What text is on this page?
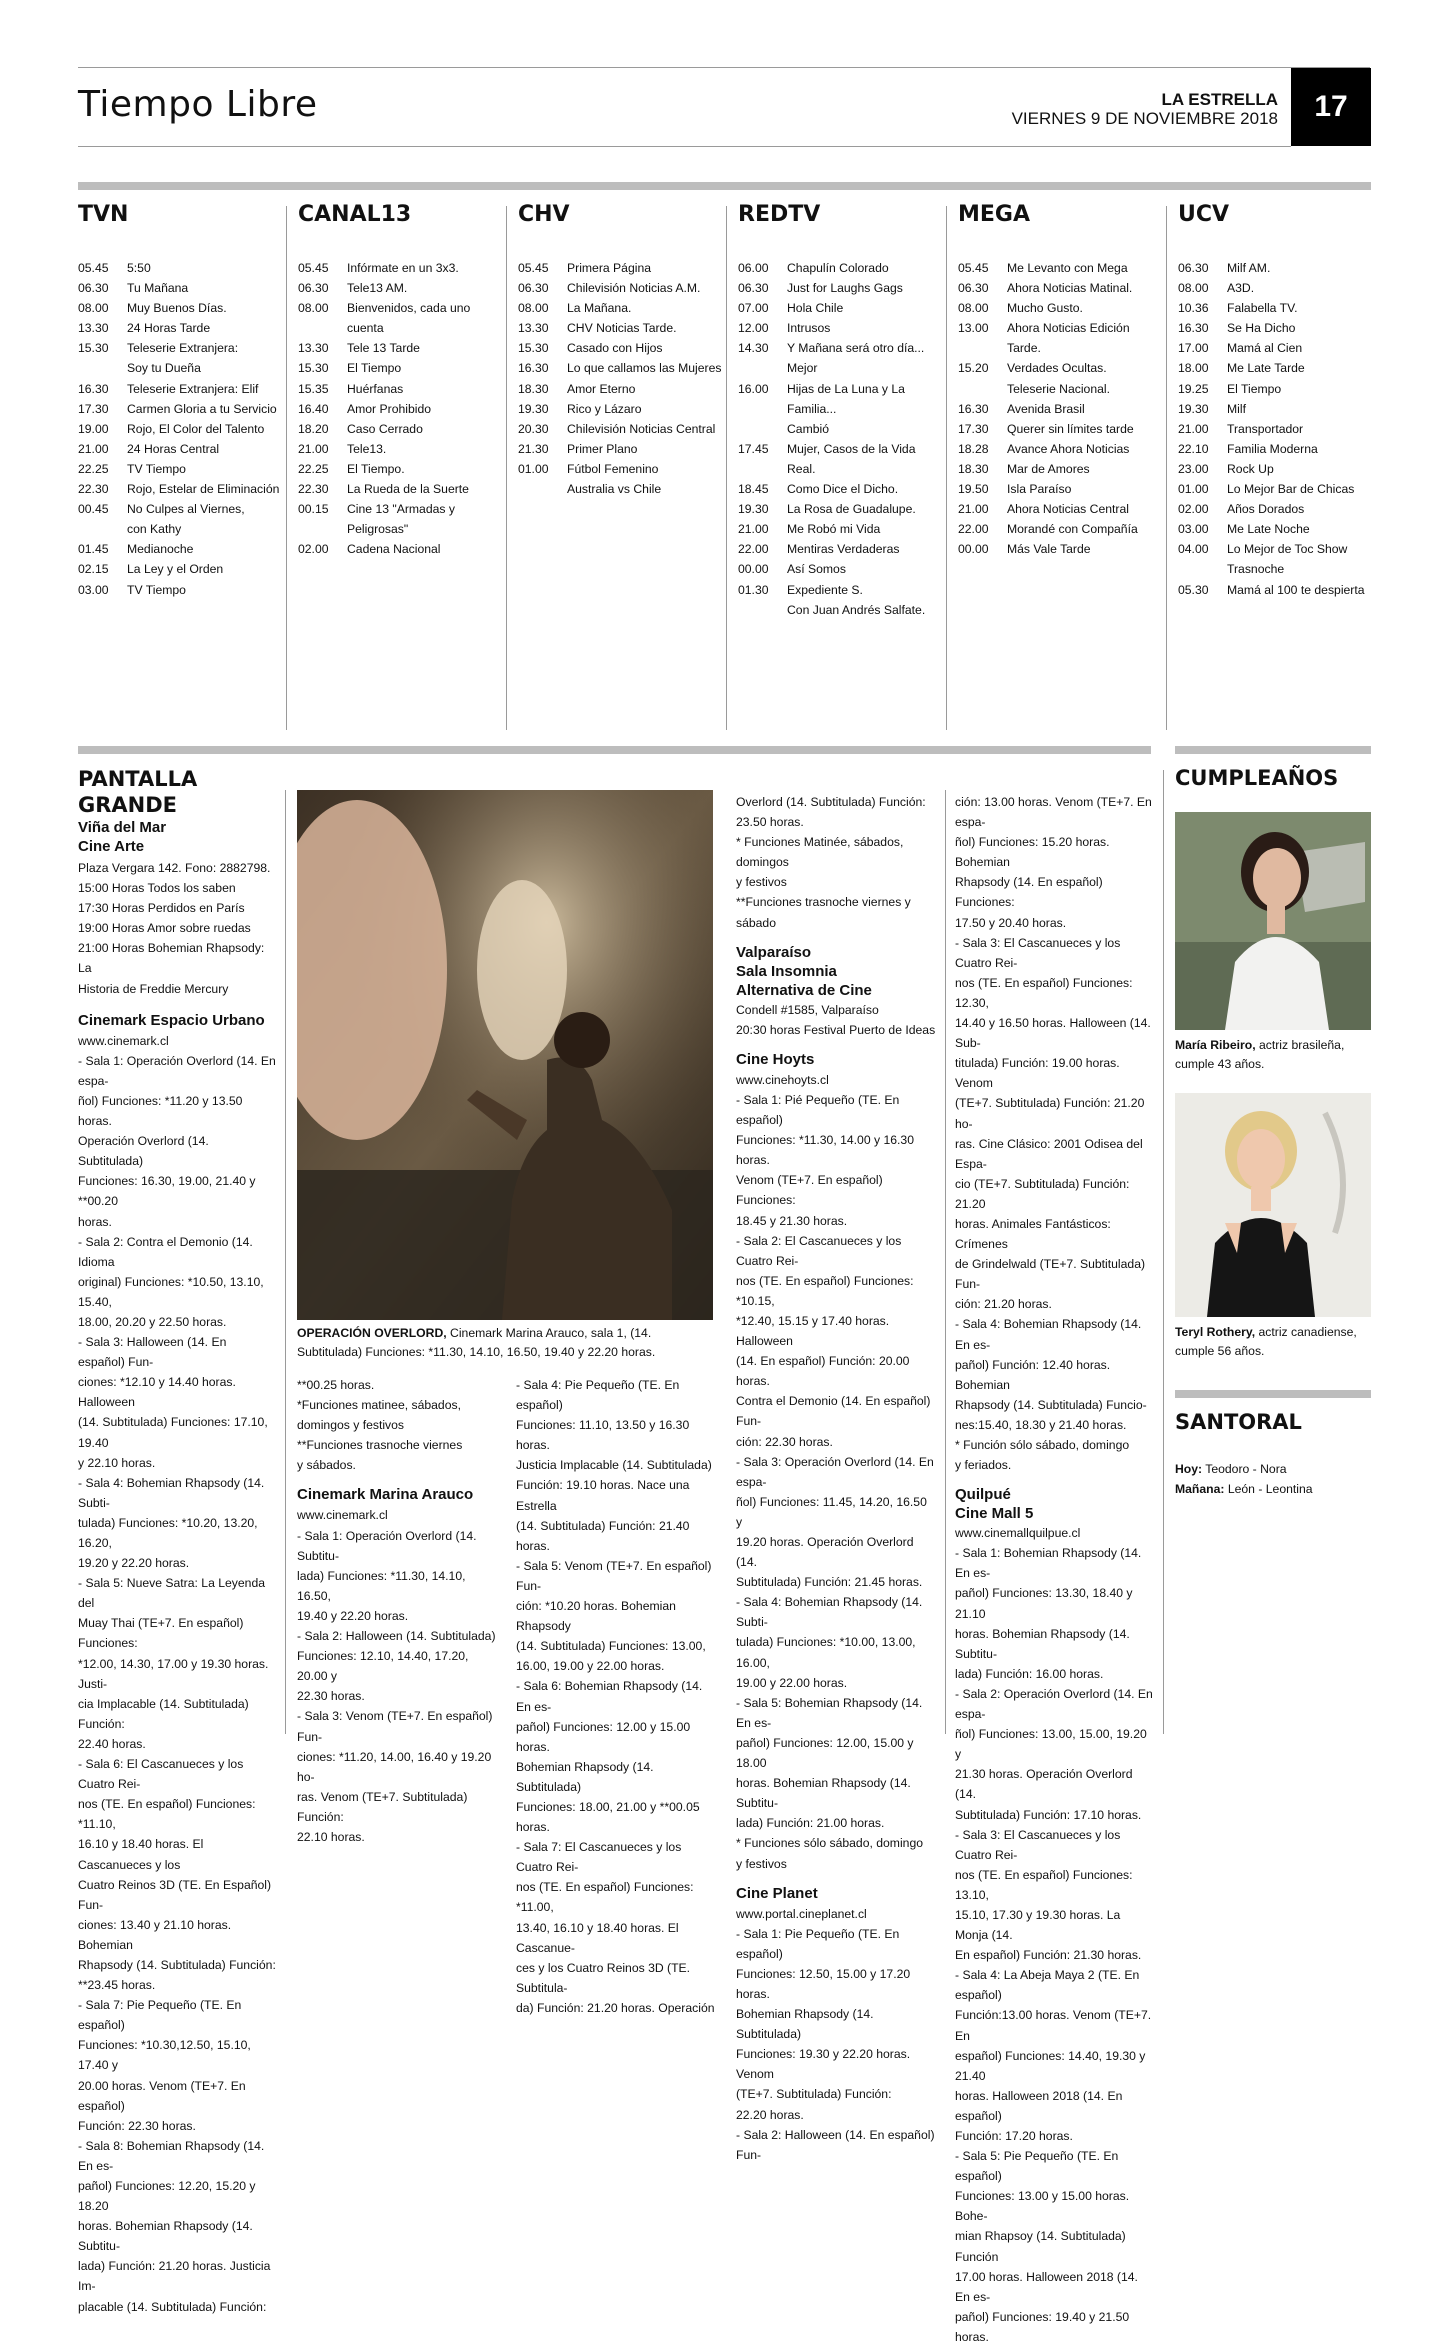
Tiempo Libre	LA ESTRELLA
VIERNES 9 DE NOVIEMBRE 2018	17
TVN
05.45	5:50
06.30	Tu Mañana
08.00	Muy Buenos Días.
13.30	24 Horas Tarde
15.30	Teleserie Extranjera:
Soy tu Dueña
16.30	Teleserie Extranjera: Elif
17.30	Carmen Gloria a tu Servicio
19.00	Rojo, El Color del Talento
21.00	24 Horas Central
22.25	TV Tiempo
22.30	Rojo, Estelar de Eliminación
00.45	No Culpes al Viernes,
con Kathy
01.45	Medianoche
02.15	La Ley y el Orden
03.00	TV Tiempo
CANAL13
05.45	Infórmate en un 3x3.
06.30	Tele13 AM.
08.00	Bienvenidos, cada uno cuenta
13.30	Tele 13 Tarde
15.30	El Tiempo
15.35	Huérfanas
16.40	Amor Prohibido
18.20	Caso Cerrado
21.00	Tele13.
22.25	El Tiempo.
22.30	La Rueda de la Suerte
00.15	Cine 13 "Armadas y
Peligrosas"
02.00	Cadena Nacional
CHV
05.45	Primera Página
06.30	Chilevisión Noticias A.M.
08.00	La Mañana.
13.30	CHV Noticias Tarde.
15.30	Casado con Hijos
16.30	Lo que callamos las Mujeres
18.30	Amor Eterno
19.30	Rico y Lázaro
20.30	Chilevisión Noticias Central
21.30	Primer Plano
01.00	Fútbol Femenino
Australia vs Chile
REDTV
06.00	Chapulín Colorado
06.30	Just for Laughs Gags
07.00	Hola Chile
12.00	Intrusos
14.30	Y Mañana será otro día...
Mejor
16.00	Hijas de La Luna y La Familia...
Cambió
17.45	Mujer, Casos de la Vida Real.
18.45	Como Dice el Dicho.
19.30	La Rosa de Guadalupe.
21.00	Me Robó mi Vida
22.00	Mentiras Verdaderas
00.00	Así Somos
01.30	Expediente S.
Con Juan Andrés Salfate.
MEGA
05.45	Me Levanto con Mega
06.30	Ahora Noticias Matinal.
08.00	Mucho Gusto.
13.00	Ahora Noticias Edición Tarde.
15.20	Verdades Ocultas.
Teleserie Nacional.
16.30	Avenida Brasil
17.30	Querer sin límites tarde
18.28	Avance Ahora Noticias
18.30	Mar de Amores
19.50	Isla Paraíso
21.00	Ahora Noticias Central
22.00	Morandé con Compañía
00.00	Más Vale Tarde
UCV
06.30	Milf AM.
08.00	A3D.
10.36	Falabella TV.
16.30	Se Ha Dicho
17.00	Mamá al Cien
18.00	Me Late Tarde
19.25	El Tiempo
19.30	Milf
21.00	Transportador
22.10	Familia Moderna
23.00	Rock Up
01.00	Lo Mejor Bar de Chicas
02.00	Años Dorados
03.00	Me Late Noche
04.00	Lo Mejor de Toc Show
Trasnoche
05.30	Mamá al 100 te despierta
PANTALLA GRANDE
Viña del Mar
Cine Arte

Plaza Vergara 142. Fono: 2882798.

15:00 Horas Todos los saben

17:30 Horas Perdidos en París

19:00 Horas Amor sobre ruedas

21:00 Horas Bohemian Rhapsody: La

Historia de Freddie Mercury

Cinemark Espacio Urbano

www.cinemark.cl

- Sala 1: Operación Overlord (14. En espa-

ñol) Funciones: *11.20 y 13.50 horas.

Operación Overlord (14. Subtitulada)

Funciones: 16.30, 19.00, 21.40 y **00.20

horas.

- Sala 2: Contra el Demonio (14. Idioma

original) Funciones: *10.50, 13.10, 15.40,

18.00, 20.20 y 22.50 horas.

- Sala 3: Halloween (14. En español) Fun-

ciones: *12.10 y 14.40 horas. Halloween

(14. Subtitulada) Funciones: 17.10, 19.40

y 22.10 horas.

- Sala 4: Bohemian Rhapsody (14. Subti-

tulada) Funciones: *10.20, 13.20, 16.20,

19.20 y 22.20 horas.

- Sala 5: Nueve Satra: La Leyenda del

Muay Thai (TE+7. En español) Funciones:

*12.00, 14.30, 17.00 y 19.30 horas. Justi-

cia Implacable (14. Subtitulada) Función:

22.40 horas.

- Sala 6: El Cascanueces y los Cuatro Rei-

nos (TE. En español) Funciones: *11.10,

16.10 y 18.40 horas. El Cascanueces y los

Cuatro Reinos 3D (TE. En Español) Fun-

ciones: 13.40 y 21.10 horas. Bohemian

Rhapsody (14. Subtitulada) Función:

**23.45 horas.

- Sala 7: Pie Pequeño (TE. En español)

Funciones: *10.30,12.50, 15.10, 17.40 y

20.00 horas. Venom (TE+7. En español)

Función: 22.30 horas.

- Sala 8: Bohemian Rhapsody (14. En es-

pañol) Funciones: 12.20, 15.20 y 18.20

horas. Bohemian Rhapsody (14. Subtitu-

lada) Función: 21.20 horas. Justicia Im-

placable (14. Subtitulada) Función:

OPERACIÓN OVERLORD, Cinemark Marina Arauco, sala 1, (14. Subtitulada) Funciones: *11.30, 14.10, 16.50, 19.40 y 22.20 horas.

**00.25 horas.

*Funciones matinee, sábados,

domingos y festivos

**Funciones trasnoche viernes

y sábados.

Cinemark Marina Arauco

www.cinemark.cl

- Sala 1: Operación Overlord (14. Subtitu-

lada) Funciones: *11.30, 14.10, 16.50,

19.40 y 22.20 horas.

- Sala 2: Halloween (14. Subtitulada)

Funciones: 12.10, 14.40, 17.20, 20.00 y

22.30 horas.

- Sala 3: Venom (TE+7. En español) Fun-

ciones: *11.20, 14.00, 16.40 y 19.20 ho-

ras. Venom (TE+7. Subtitulada) Función:

22.10 horas.

- Sala 4: Pie Pequeño (TE. En español)

Funciones: 11.10, 13.50 y 16.30 horas.

Justicia Implacable (14. Subtitulada)

Función: 19.10 horas. Nace una Estrella

(14. Subtitulada) Función: 21.40 horas.

- Sala 5: Venom (TE+7. En español) Fun-

ción: *10.20 horas. Bohemian Rhapsody

(14. Subtitulada) Funciones: 13.00,

16.00, 19.00 y 22.00 horas.

- Sala 6: Bohemian Rhapsody (14. En es-

pañol) Funciones: 12.00 y 15.00 horas.

Bohemian Rhapsody (14. Subtitulada)

Funciones: 18.00, 21.00 y **00.05 horas.

- Sala 7: El Cascanueces y los Cuatro Rei-

nos (TE. En español) Funciones: *11.00,

13.40, 16.10 y 18.40 horas. El Cascanue-

ces y los Cuatro Reinos 3D (TE. Subtitula-

da) Función: 21.20 horas. Operación

Overlord (14. Subtitulada) Función:

23.50 horas.

* Funciones Matinée, sábados, domingos

y festivos

**Funciones trasnoche viernes y sábado

Valparaíso
Sala Insomnia
Alternativa de Cine

Condell #1585, Valparaíso

20:30 horas Festival Puerto de Ideas

Cine Hoyts

www.cinehoyts.cl

- Sala 1: Pié Pequeño (TE. En español)

Funciones: *11.30, 14.00 y 16.30 horas.

Venom (TE+7. En español) Funciones:

18.45 y 21.30 horas.

- Sala 2: El Cascanueces y los Cuatro Rei-

nos (TE. En español) Funciones: *10.15,

*12.40, 15.15 y 17.40 horas. Halloween

(14. En español) Función: 20.00 horas.

Contra el Demonio (14. En español) Fun-

ción: 22.30 horas.

- Sala 3: Operación Overlord (14. En espa-

ñol) Funciones: 11.45, 14.20, 16.50 y

19.20 horas. Operación Overlord (14.

Subtitulada) Función: 21.45 horas.

- Sala 4: Bohemian Rhapsody (14. Subti-

tulada) Funciones: *10.00, 13.00, 16.00,

19.00 y 22.00 horas.

- Sala 5: Bohemian Rhapsody (14. En es-

pañol) Funciones: 12.00, 15.00 y 18.00

horas. Bohemian Rhapsody (14. Subtitu-

lada) Función: 21.00 horas.

* Funciones sólo sábado, domingo

y festivos

Cine Planet

www.portal.cineplanet.cl

- Sala 1: Pie Pequeño (TE. En español)

Funciones: 12.50, 15.00 y 17.20 horas.

Bohemian Rhapsody (14. Subtitulada)

Funciones: 19.30 y 22.20 horas. Venom

(TE+7. Subtitulada) Función:

22.20 horas.

- Sala 2: Halloween (14. En español) Fun-

ción: 13.00 horas. Venom (TE+7. En espa-

ñol) Funciones: 15.20 horas. Bohemian

Rhapsody (14. En español) Funciones:

17.50 y 20.40 horas.

- Sala 3: El Cascanueces y los Cuatro Rei-

nos (TE. En español) Funciones: 12.30,

14.40 y 16.50 horas. Halloween (14. Sub-

titulada) Función: 19.00 horas. Venom

(TE+7. Subtitulada) Función: 21.20 ho-

ras. Cine Clásico: 2001 Odisea del Espa-

cio (TE+7. Subtitulada) Función: 21.20

horas. Animales Fantásticos: Crímenes

de Grindelwald (TE+7. Subtitulada) Fun-

ción: 21.20 horas.

- Sala 4: Bohemian Rhapsody (14. En es-

pañol) Función: 12.40 horas. Bohemian

Rhapsody (14. Subtitulada) Funcio-

nes:15.40, 18.30 y 21.40 horas.

* Función sólo sábado, domingo

y feriados.

Quilpué
Cine Mall 5

www.cinemallquilpue.cl

- Sala 1: Bohemian Rhapsody (14. En es-

pañol) Funciones: 13.30, 18.40 y 21.10

horas. Bohemian Rhapsody (14. Subtitu-

lada) Función: 16.00 horas.

- Sala 2: Operación Overlord (14. En espa-

ñol) Funciones: 13.00, 15.00, 19.20 y

21.30 horas. Operación Overlord (14.

Subtitulada) Función: 17.10 horas.

- Sala 3: El Cascanueces y los Cuatro Rei-

nos (TE. En español) Funciones: 13.10,

15.10, 17.30 y 19.30 horas. La Monja (14.

En español) Función: 21.30 horas.

- Sala 4: La Abeja Maya 2 (TE. En español)

Función:13.00 horas. Venom (TE+7. En

español) Funciones: 14.40, 19.30 y 21.40

horas. Halloween 2018 (14. En español)

Función: 17.20 horas.

- Sala 5: Pie Pequeño (TE. En español)

Funciones: 13.00 y 15.00 horas. Bohe-

mian Rhapsoy (14. Subtitulada) Función

17.00 horas. Halloween 2018 (14. En es-

pañol) Funciones: 19.40 y 21.50 horas.

CUMPLEAÑOS
María Ribeiro, actriz brasileña,
cumple 43 años.
Teryl Rothery, actriz canadiense,
cumple 56 años.
SANTORAL
Hoy: Teodoro - Nora
Mañana: León - Leontina
